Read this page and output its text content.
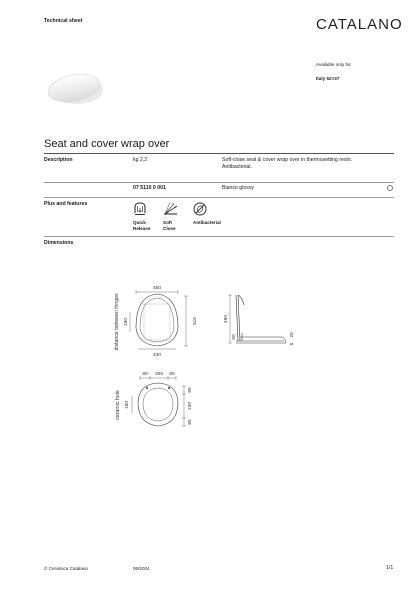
Technical sheet	CATALANO
Available only for
Italy 52×37
Seat and cover wrap over
Description	kg 2,2	Soft-close seat & cover wrap over in thermosetting resin.
Antibacterial.
07 5110 0 001	Bianco glossy
Plus and features
Quick
Release
Soft
Close
Antibacterial
Dimensions
450
430
375
180
distance between hinges	490
50
5
20
80 300 60
65
230
65
180
ceramic hole
© Ceramica Catalano	06/2024	1/1
